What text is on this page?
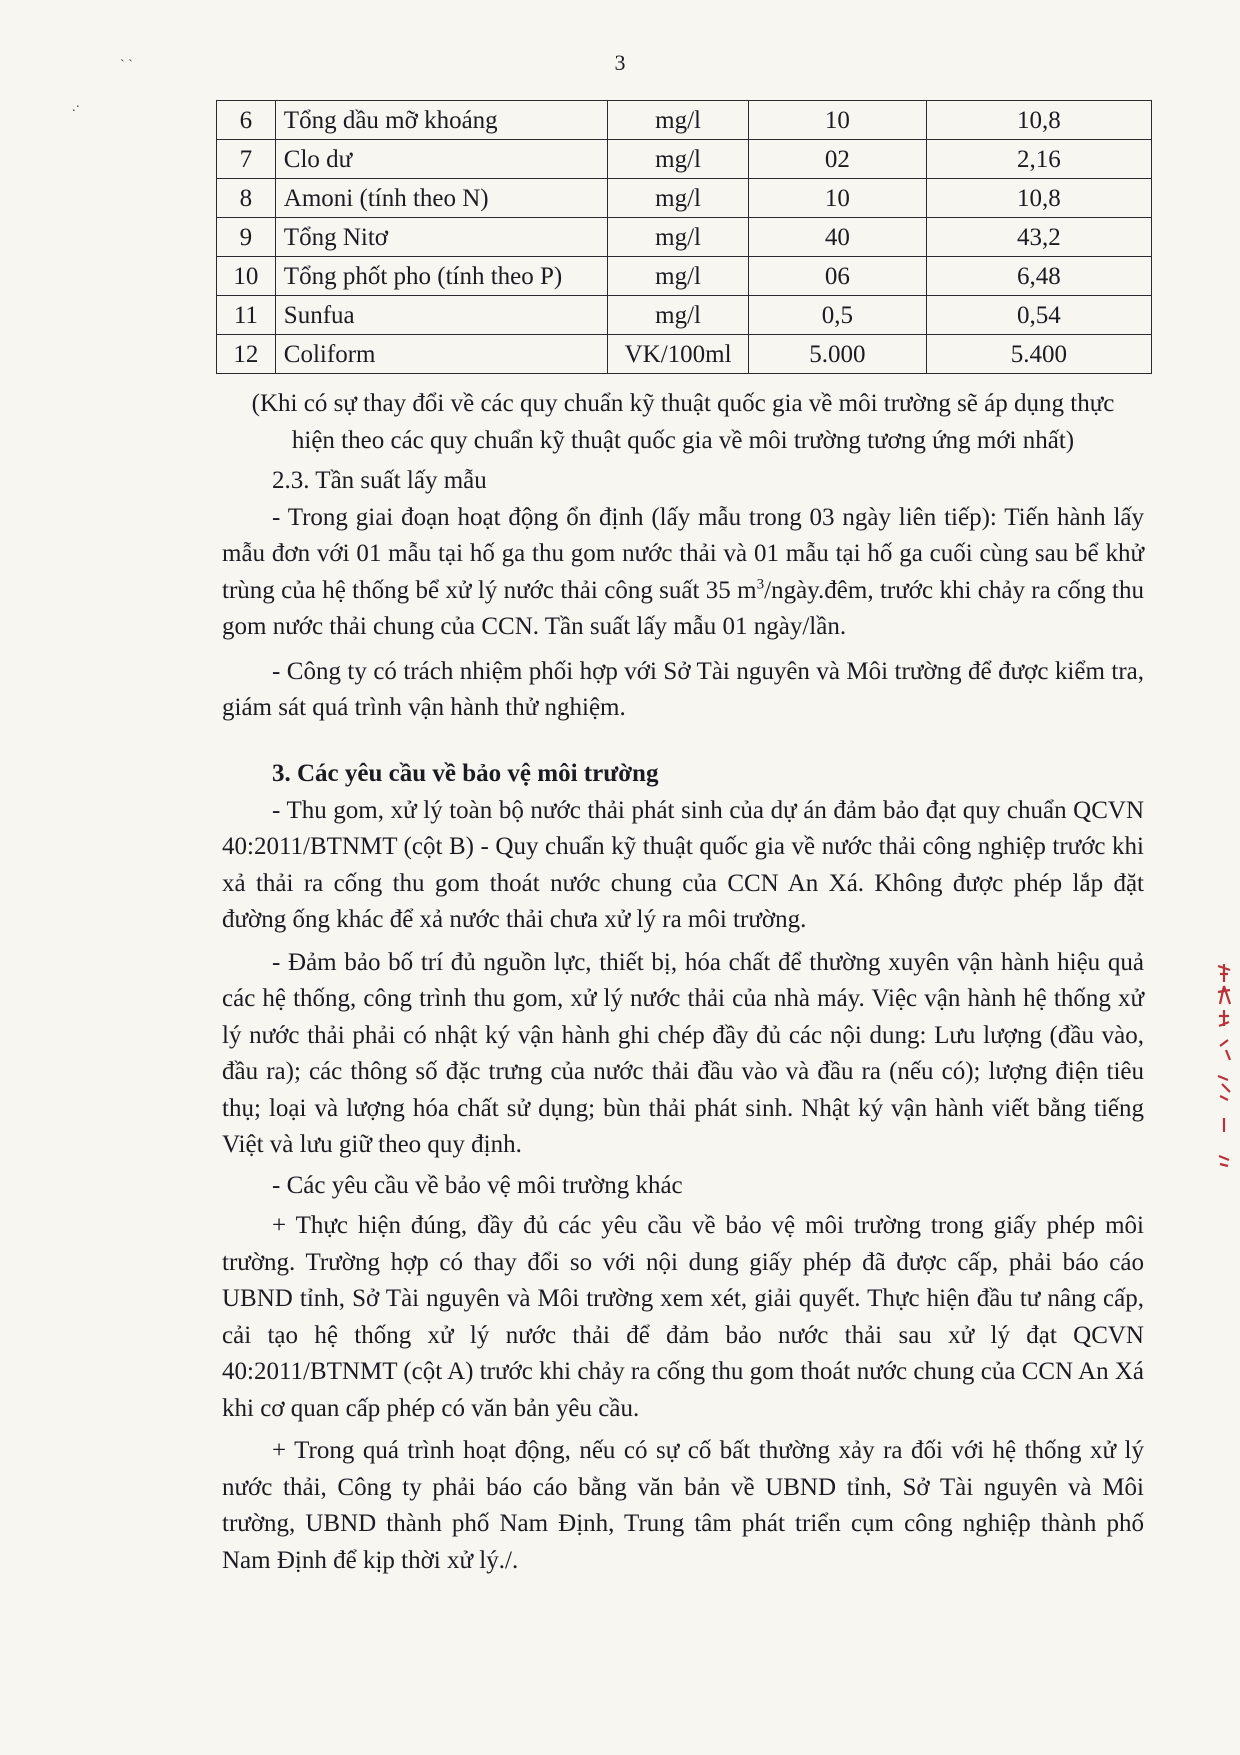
` `
.·
3
6	Tổng dầu mỡ khoáng	mg/l	10	10,8
7	Clo dư	mg/l	02	2,16
8	Amoni (tính theo N)	mg/l	10	10,8
9	Tổng Nitơ	mg/l	40	43,2
10	Tổng phốt pho (tính theo P)	mg/l	06	6,48
11	Sunfua	mg/l	0,5	0,54
12	Coliform	VK/100ml	5.000	5.400
(Khi có sự thay đổi về các quy chuẩn kỹ thuật quốc gia về môi trường sẽ áp dụng thực hiện theo các quy chuẩn kỹ thuật quốc gia về môi trường tương ứng mới nhất)

2.3. Tần suất lấy mẫu

- Trong giai đoạn hoạt động ổn định (lấy mẫu trong 03 ngày liên tiếp): Tiến hành lấy mẫu đơn với 01 mẫu tại hố ga thu gom nước thải và 01 mẫu tại hố ga cuối cùng sau bể khử trùng của hệ thống bể xử lý nước thải công suất 35 $m^3/ngày.đêm$, trước khi chảy ra cống thu gom nước thải chung của CCN. Tần suất lấy mẫu 01 ngày/lần.

- Công ty có trách nhiệm phối hợp với Sở Tài nguyên và Môi trường để được kiểm tra, giám sát quá trình vận hành thử nghiệm.

3. Các yêu cầu về bảo vệ môi trường

- Thu gom, xử lý toàn bộ nước thải phát sinh của dự án đảm bảo đạt quy chuẩn QCVN 40:2011/BTNMT (cột B) - Quy chuẩn kỹ thuật quốc gia về nước thải công nghiệp trước khi xả thải ra cống thu gom thoát nước chung của CCN An Xá. Không được phép lắp đặt đường ống khác để xả nước thải chưa xử lý ra môi trường.

- Đảm bảo bố trí đủ nguồn lực, thiết bị, hóa chất để thường xuyên vận hành hiệu quả các hệ thống, công trình thu gom, xử lý nước thải của nhà máy. Việc vận hành hệ thống xử lý nước thải phải có nhật ký vận hành ghi chép đầy đủ các nội dung: Lưu lượng (đầu vào, đầu ra); các thông số đặc trưng của nước thải đầu vào và đầu ra (nếu có); lượng điện tiêu thụ; loại và lượng hóa chất sử dụng; bùn thải phát sinh. Nhật ký vận hành viết bằng tiếng Việt và lưu giữ theo quy định.

- Các yêu cầu về bảo vệ môi trường khác

+ Thực hiện đúng, đầy đủ các yêu cầu về bảo vệ môi trường trong giấy phép môi trường. Trường hợp có thay đổi so với nội dung giấy phép đã được cấp, phải báo cáo UBND tỉnh, Sở Tài nguyên và Môi trường xem xét, giải quyết. Thực hiện đầu tư nâng cấp, cải tạo hệ thống xử lý nước thải để đảm bảo nước thải sau xử lý đạt QCVN 40:2011/BTNMT (cột A) trước khi chảy ra cống thu gom thoát nước chung của CCN An Xá khi cơ quan cấp phép có văn bản yêu cầu.

+ Trong quá trình hoạt động, nếu có sự cố bất thường xảy ra đối với hệ thống xử lý nước thải, Công ty phải báo cáo bằng văn bản về UBND tỉnh, Sở Tài nguyên và Môi trường, UBND thành phố Nam Định, Trung tâm phát triển cụm công nghiệp thành phố Nam Định để kịp thời xử lý./.
